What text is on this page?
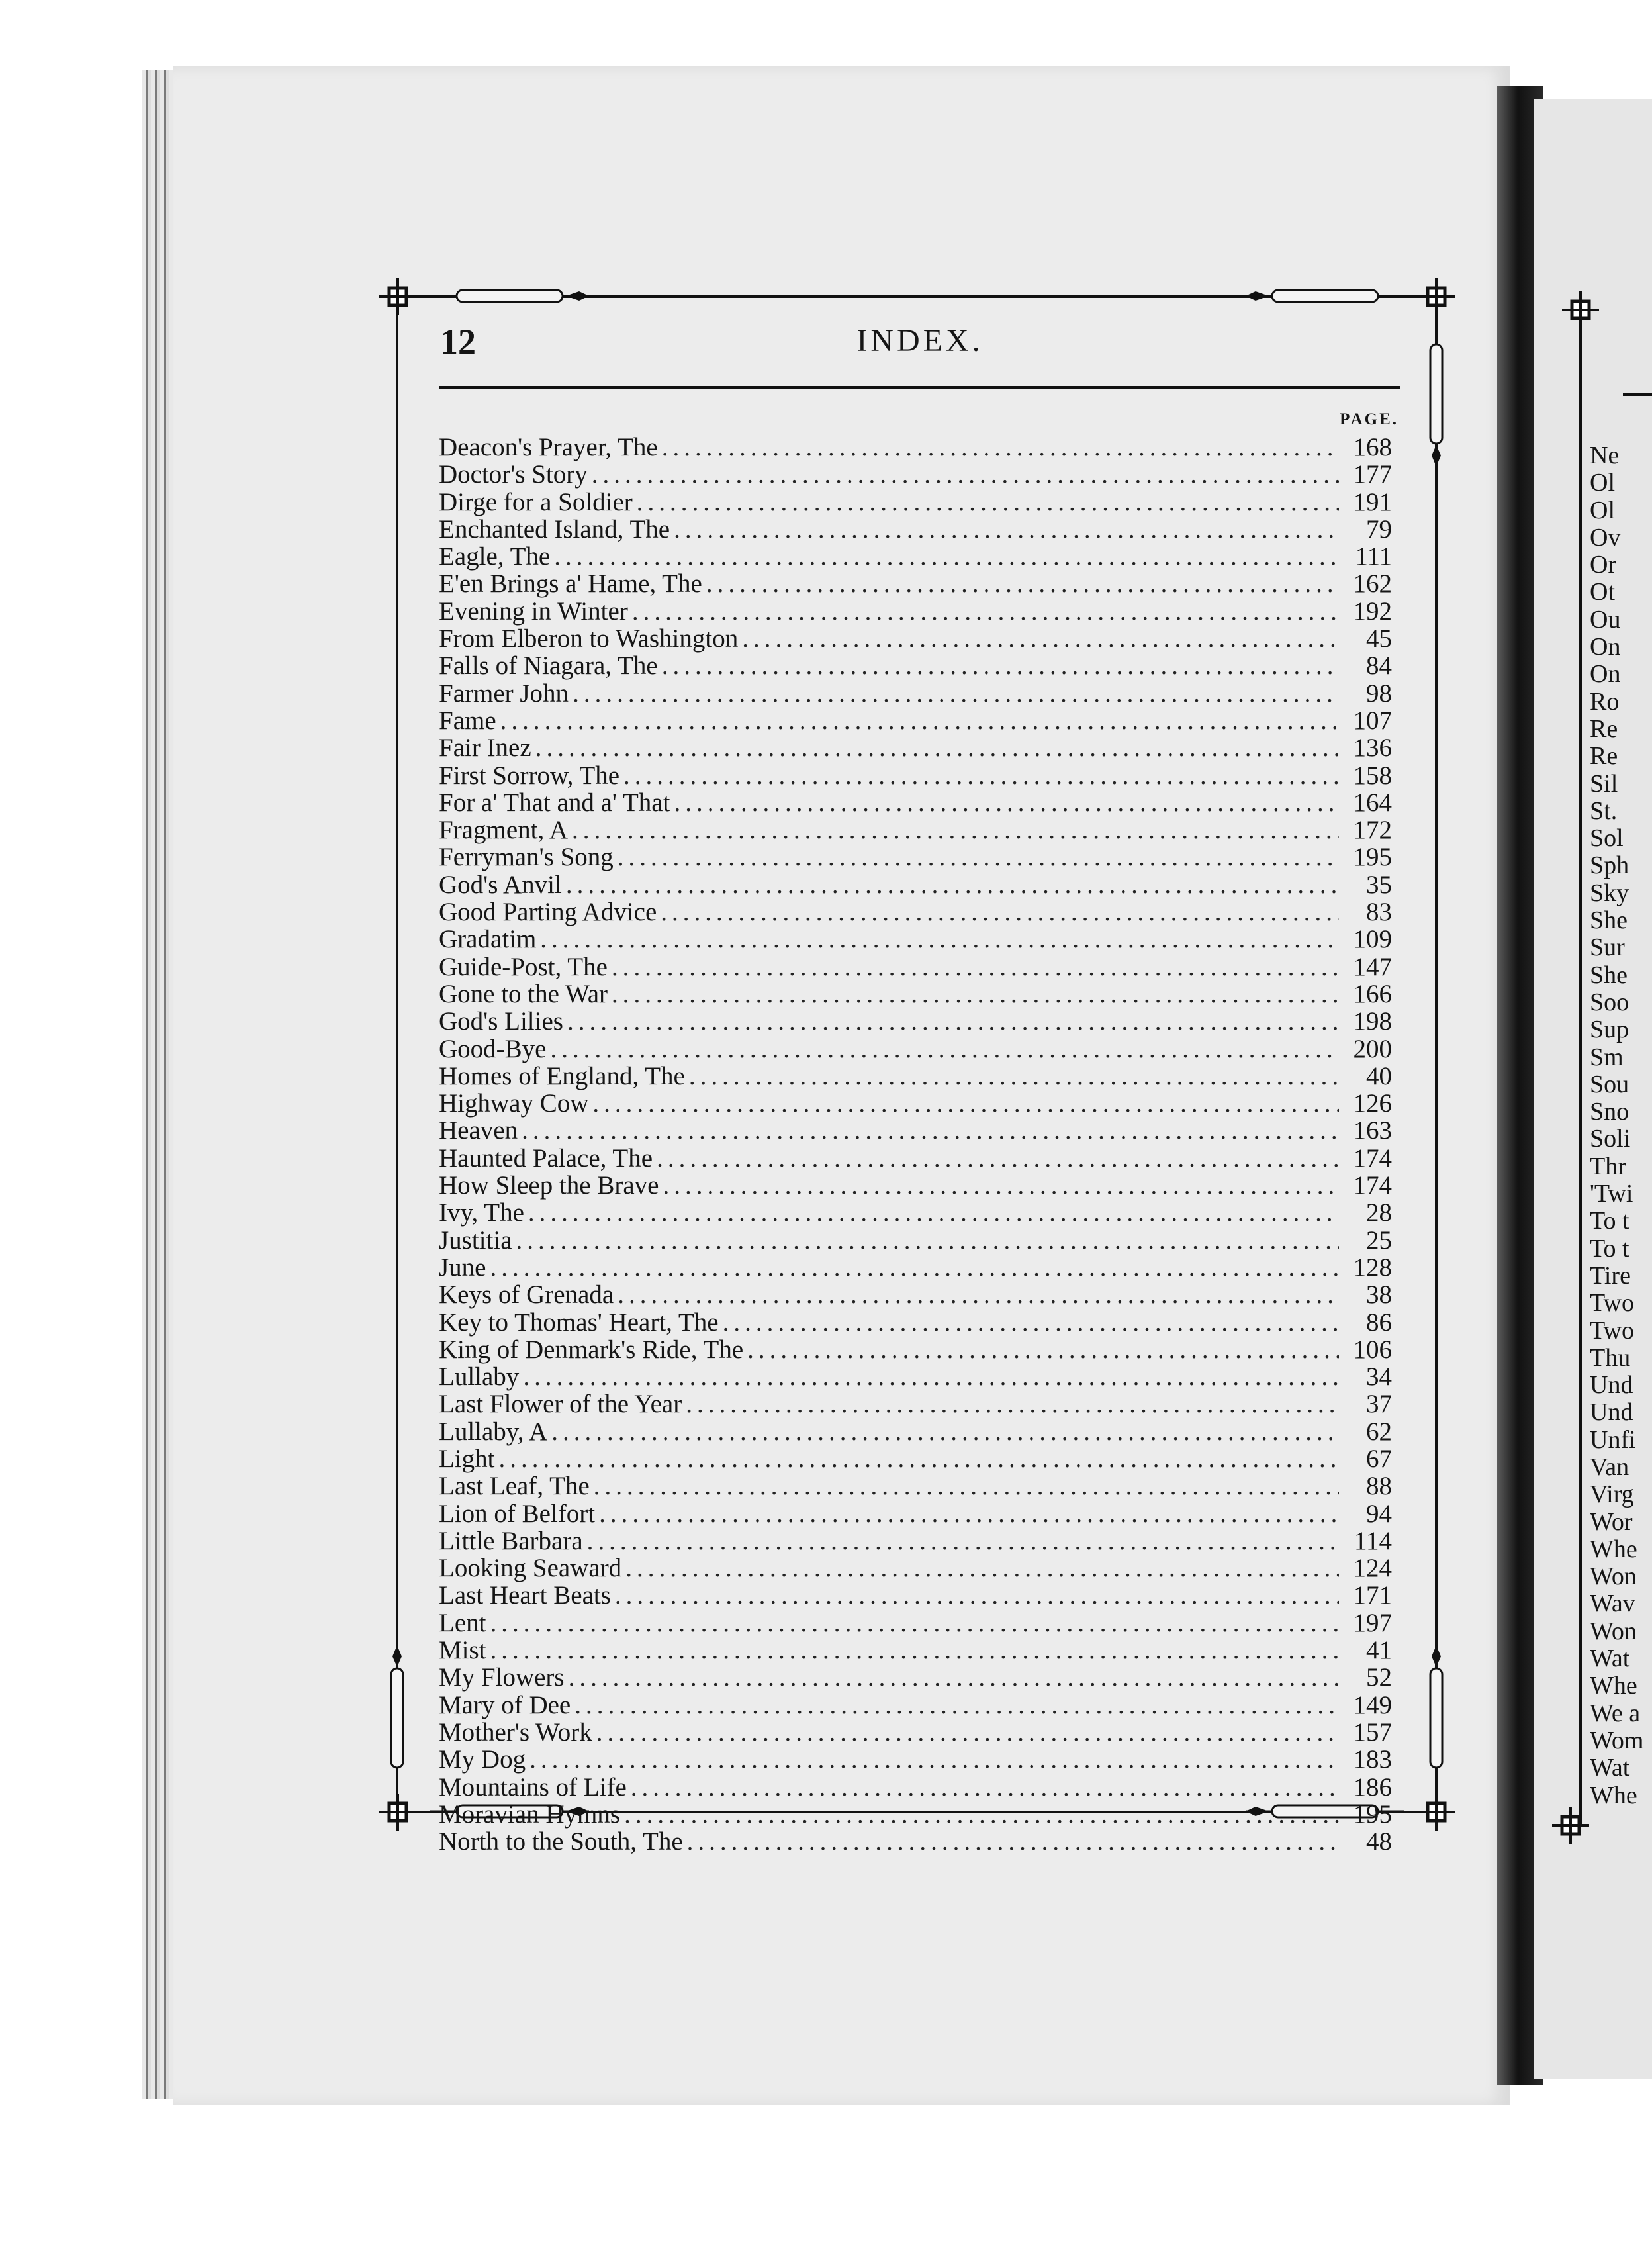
12	INDEX.
PAGE.
Deacon's Prayer, The .....	168
Doctor's Story .....	177
Dirge for a Soldier .....	191
Enchanted Island, The .....	79
Eagle, The .....	111
E'en Brings a' Hame, The .....	162
Evening in Winter .....	192
From Elberon to Washington .....	45
Falls of Niagara, The .....	84
Farmer John .....	98
Fame .....	107
Fair Inez .....	136
First Sorrow, The .....	158
For a' That and a' That .....	164
Fragment, A .....	172
Ferryman's Song .....	195
God's Anvil .....	35
Good Parting Advice .....	83
Gradatim .....	109
Guide-Post, The .....	147
Gone to the War .....	166
God's Lilies .....	198
Good-Bye .....	200
Homes of England, The .....	40
Highway Cow .....	126
Heaven .....	163
Haunted Palace, The .....	174
How Sleep the Brave .....	174
Ivy, The .....	28
Justitia .....	25
June .....	128
Keys of Grenada .....	38
Key to Thomas' Heart, The .....	86
King of Denmark's Ride, The .....	106
Lullaby .....	34
Last Flower of the Year .....	37
Lullaby, A .....	62
Light .....	67
Last Leaf, The .....	88
Lion of Belfort .....	94
Little Barbara .....	114
Looking Seaward .....	124
Last Heart Beats .....	171
Lent .....	197
Mist .....	41
My Flowers .....	52
Mary of Dee .....	149
Mother's Work .....	157
My Dog .....	183
Mountains of Life .....	186
Moravian Hymns .....	195
North to the South, The .....	48
Ne
Ol
Ol
Ov
Or
Ot
Ou
On
On
Ro
Re
Re
Sil
St.
Sol
Sph
Sky
She
Sur
She
Soo
Sup
Sm
Sou
Sno
Soli
Thr
'Twi
To t
To t
Tire
Two
Two
Thu
Und
Und
Unfi
Van
Virg
Wor
Whe
Won
Wav
Won
Wat
Whe
We a
Wom
Wat
Whe
